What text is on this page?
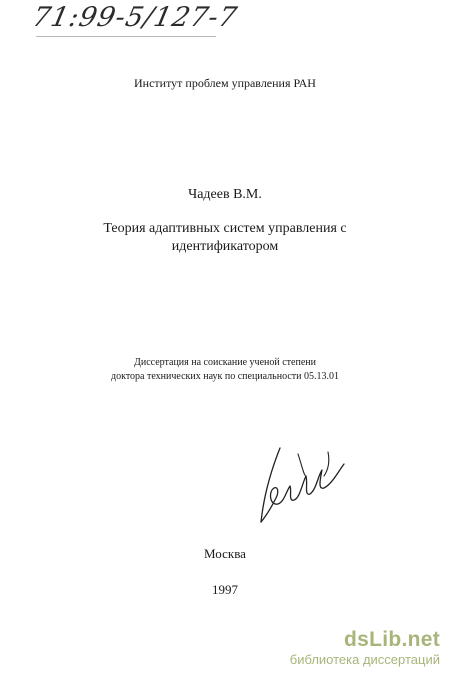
71:99-5/127-7
Институт проблем управления РАН
Чадеев В.М.
Теория адаптивных систем управления с
идентификатором
Диссертация на соискание ученой степени
доктора технических наук по специальности 05.13.01
Москва
1997
dsLib.net
библиотека диссертаций
